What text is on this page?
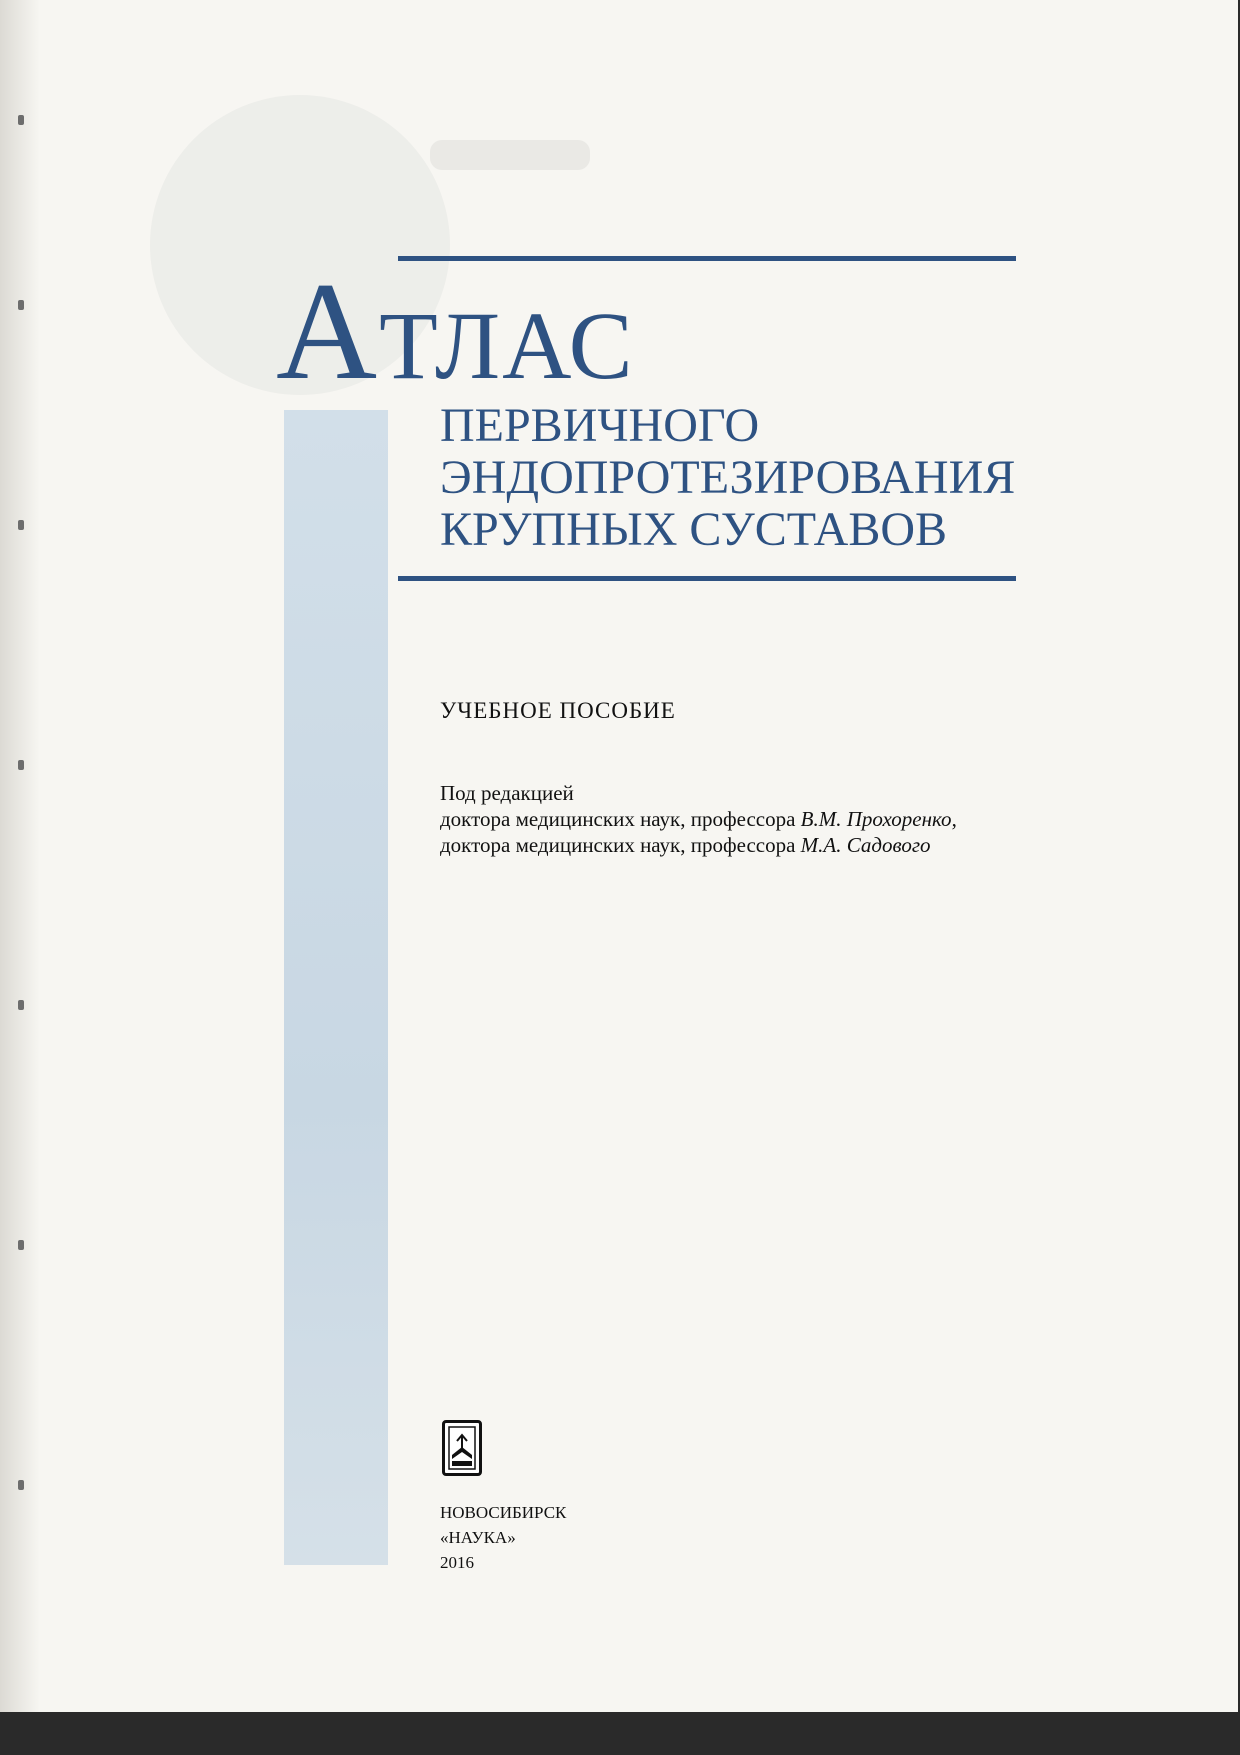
АТЛАС
ПЕРВИЧНОГО
ЭНДОПРОТЕЗИРОВАНИЯ
КРУПНЫХ СУСТАВОВ
УЧЕБНОЕ ПОСОБИЕ
Под редакцией
доктора медицинских наук, профессора В.М. Прохоренко,
доктора медицинских наук, профессора М.А. Садового
НОВОСИБИРСК
«НАУКА»
2016
